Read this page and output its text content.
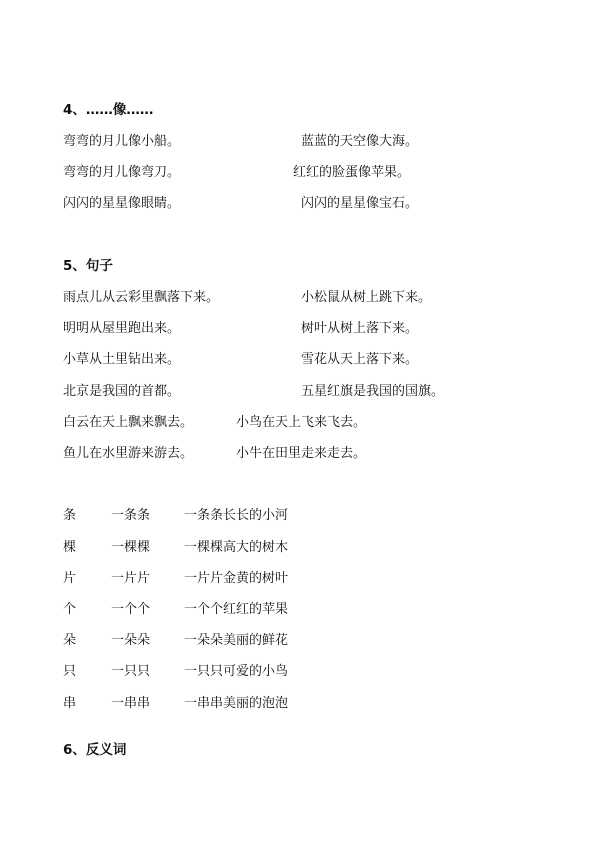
4、……像……
弯弯的月儿像小船。	蓝蓝的天空像大海。
弯弯的月儿像弯刀。	红红的脸蛋像苹果。
闪闪的星星像眼睛。	闪闪的星星像宝石。
5、句子
雨点儿从云彩里飘落下来。	小松鼠从树上跳下来。
明明从屋里跑出来。	树叶从树上落下来。
小草从土里钻出来。	雪花从天上落下来。
北京是我国的首都。	五星红旗是我国的国旗。
白云在天上飘来飘去。	小鸟在天上飞来飞去。
鱼儿在水里游来游去。	小牛在田里走来走去。
条	一条条	一条条长长的小河
棵	一棵棵	一棵棵高大的树木
片	一片片	一片片金黄的树叶
个	一个个	一个个红红的苹果
朵	一朵朵	一朵朵美丽的鲜花
只	一只只	一只只可爱的小鸟
串	一串串	一串串美丽的泡泡
6、反义词
